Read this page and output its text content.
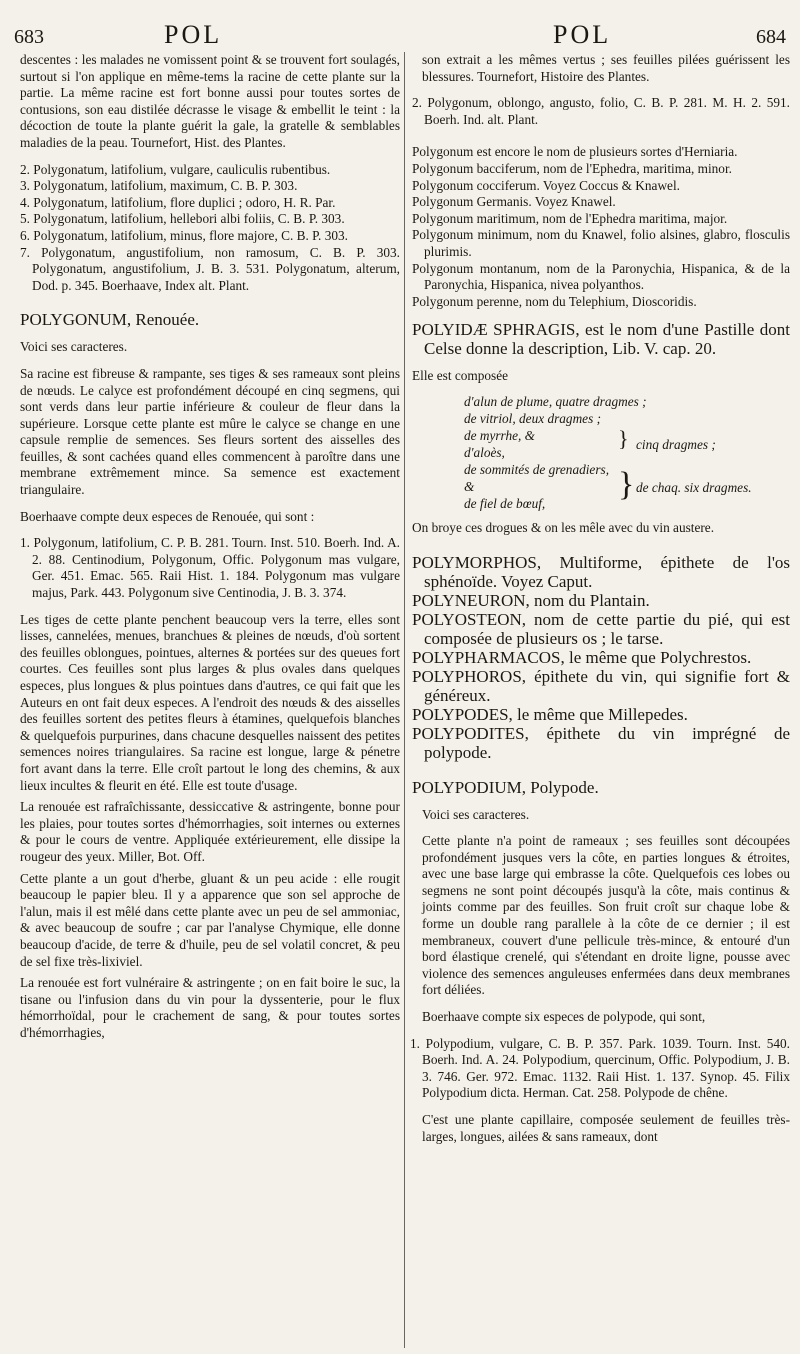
683	POL	POL	684

descentes : les malades ne vomissent point & se trouvent fort soulagés, surtout si l'on applique en même-tems la racine de cette plante sur la partie. La même racine est fort bonne aussi pour toutes sortes de contusions, son eau distilée décrasse le visage & embellit le teint : la décoction de toute la plante guérit la gale, la gratelle & semblables maladies de la peau. Tournefort, Hist. des Plantes.

2. Polygonatum, latifolium, vulgare, cauliculis rubentibus.

3. Polygonatum, latifolium, maximum, C. B. P. 303.

4. Polygonatum, latifolium, flore duplici ; odoro, H. R. Par.

5. Polygonatum, latifolium, hellebori albi foliis, C. B. P. 303.

6. Polygonatum, latifolium, minus, flore majore, C. B. P. 303.

7. Polygonatum, angustifolium, non ramosum, C. B. P. 303. Polygonatum, angustifolium, J. B. 3. 531. Polygonatum, alterum, Dod. p. 345. Boerhaave, Index alt. Plant.

POLYGONUM, Renouée.

Voici ses caracteres.

Sa racine est fibreuse & rampante, ses tiges & ses rameaux sont pleins de nœuds. Le calyce est profondément découpé en cinq segmens, qui sont verds dans leur partie inférieure & couleur de fleur dans la supérieure. Lorsque cette plante est mûre le calyce se change en une capsule remplie de semences. Ses fleurs sortent des aisselles des feuilles, & sont cachées quand elles commencent à paroître dans une membrane extrêmement mince. Sa semence est exactement triangulaire.

Boerhaave compte deux especes de Renouée, qui sont :

1. Polygonum, latifolium, C. P. B. 281. Tourn. Inst. 510. Boerh. Ind. A. 2. 88. Centinodium, Polygonum, Offic. Polygonum mas vulgare, Ger. 451. Emac. 565. Raii Hist. 1. 184. Polygonum mas vulgare majus, Park. 443. Polygonum sive Centinodia, J. B. 3. 374.

Les tiges de cette plante penchent beaucoup vers la terre, elles sont lisses, cannelées, menues, branchues & pleines de nœuds, d'où sortent des feuilles oblongues, pointues, alternes & portées sur des queues fort courtes. Ces feuilles sont plus larges & plus ovales dans quelques especes, plus longues & plus pointues dans d'autres, ce qui fait que les Auteurs en ont fait deux especes. A l'endroit des nœuds & des aisselles des feuilles sortent des petites fleurs à étamines, quelquefois blanches & quelquefois purpurines, dans chacune desquelles naissent des petites semences noires triangulaires. Sa racine est longue, large & pénetre fort avant dans la terre. Elle croît partout le long des chemins, & aux lieux incultes & fleurit en été. Elle est toute d'usage.

La renouée est rafraîchissante, dessiccative & astringente, bonne pour les plaies, pour toutes sortes d'hémorrhagies, soit internes ou externes & pour le cours de ventre. Appliquée extérieurement, elle dissipe la rougeur des yeux. Miller, Bot. Off.

Cette plante a un gout d'herbe, gluant & un peu acide : elle rougit beaucoup le papier bleu. Il y a apparence que son sel approche de l'alun, mais il est mêlé dans cette plante avec un peu de sel ammoniac, & avec beaucoup de soufre ; car par l'analyse Chymique, elle donne beaucoup d'acide, de terre & d'huile, peu de sel volatil concret, & peu de sel fixe très-lixiviel.

La renouée est fort vulnéraire & astringente ; on en fait boire le suc, la tisane ou l'infusion dans du vin pour la dyssenterie, pour le flux hémorrhoïdal, pour le crachement de sang, & pour toutes sortes d'hémorrhagies,

son extrait a les mêmes vertus ; ses feuilles pilées guérissent les blessures. Tournefort, Histoire des Plantes.

2. Polygonum, oblongo, angusto, folio, C. B. P. 281. M. H. 2. 591. Boerh. Ind. alt. Plant.

Polygonum est encore le nom de plusieurs sortes d'Herniaria.

Polygonum bacciferum, nom de l'Ephedra, maritima, minor.

Polygonum cocciferum. Voyez Coccus & Knawel.

Polygonum Germanis. Voyez Knawel.

Polygonum maritimum, nom de l'Ephedra maritima, major.

Polygonum minimum, nom du Knawel, folio alsines, glabro, flosculis plurimis.

Polygonum montanum, nom de la Paronychia, Hispanica, & de la Paronychia, Hispanica, nivea polyanthos.

Polygonum perenne, nom du Telephium, Dioscoridis.

POLYIDÆ SPHRAGIS, est le nom d'une Pastille dont Celse donne la description, Lib. V. cap. 20.

Elle est composée

d'alun de plume, quatre dragmes ;
de vitriol, deux dragmes ;
de myrrhe, &
d'aloès,
} cinq dragmes ;
de sommités de grenadiers, &
de fiel de bœuf,
} de chaq. six dragmes.

On broye ces drogues & on les mêle avec du vin austere.

POLYMORPHOS, Multiforme, épithete de l'os sphénoïde. Voyez Caput.

POLYNEURON, nom du Plantain.

POLYOSTEON, nom de cette partie du pié, qui est composée de plusieurs os ; le tarse.

POLYPHARMACOS, le même que Polychrestos.

POLYPHOROS, épithete du vin, qui signifie fort & généreux.

POLYPODES, le même que Millepedes.

POLYPODITES, épithete du vin imprégné de polypode.

POLYPODIUM, Polypode.

Voici ses caracteres.

Cette plante n'a point de rameaux ; ses feuilles sont découpées profondément jusques vers la côte, en parties longues & étroites, avec une base large qui embrasse la côte. Quelquefois ces lobes ou segmens ne sont point découpés jusqu'à la côte, mais continus & joints comme par des feuilles. Son fruit croît sur chaque lobe & forme un double rang parallele à la côte de ce dernier ; il est membraneux, couvert d'une pellicule très-mince, & entouré d'un bord élastique crenelé, qui s'étendant en droite ligne, pousse avec violence des semences anguleuses enfermées dans deux membranes fort déliées.

Boerhaave compte six especes de polypode, qui sont,

1. Polypodium, vulgare, C. B. P. 357. Park. 1039. Tourn. Inst. 540. Boerh. Ind. A. 24. Polypodium, quercinum, Offic. Polypodium, J. B. 3. 746. Ger. 972. Emac. 1132. Raii Hist. 1. 137. Synop. 45. Filix Polypodium dicta. Herman. Cat. 258. Polypode de chêne.

C'est une plante capillaire, composée seulement de feuilles très-larges, longues, ailées & sans rameaux, dont
